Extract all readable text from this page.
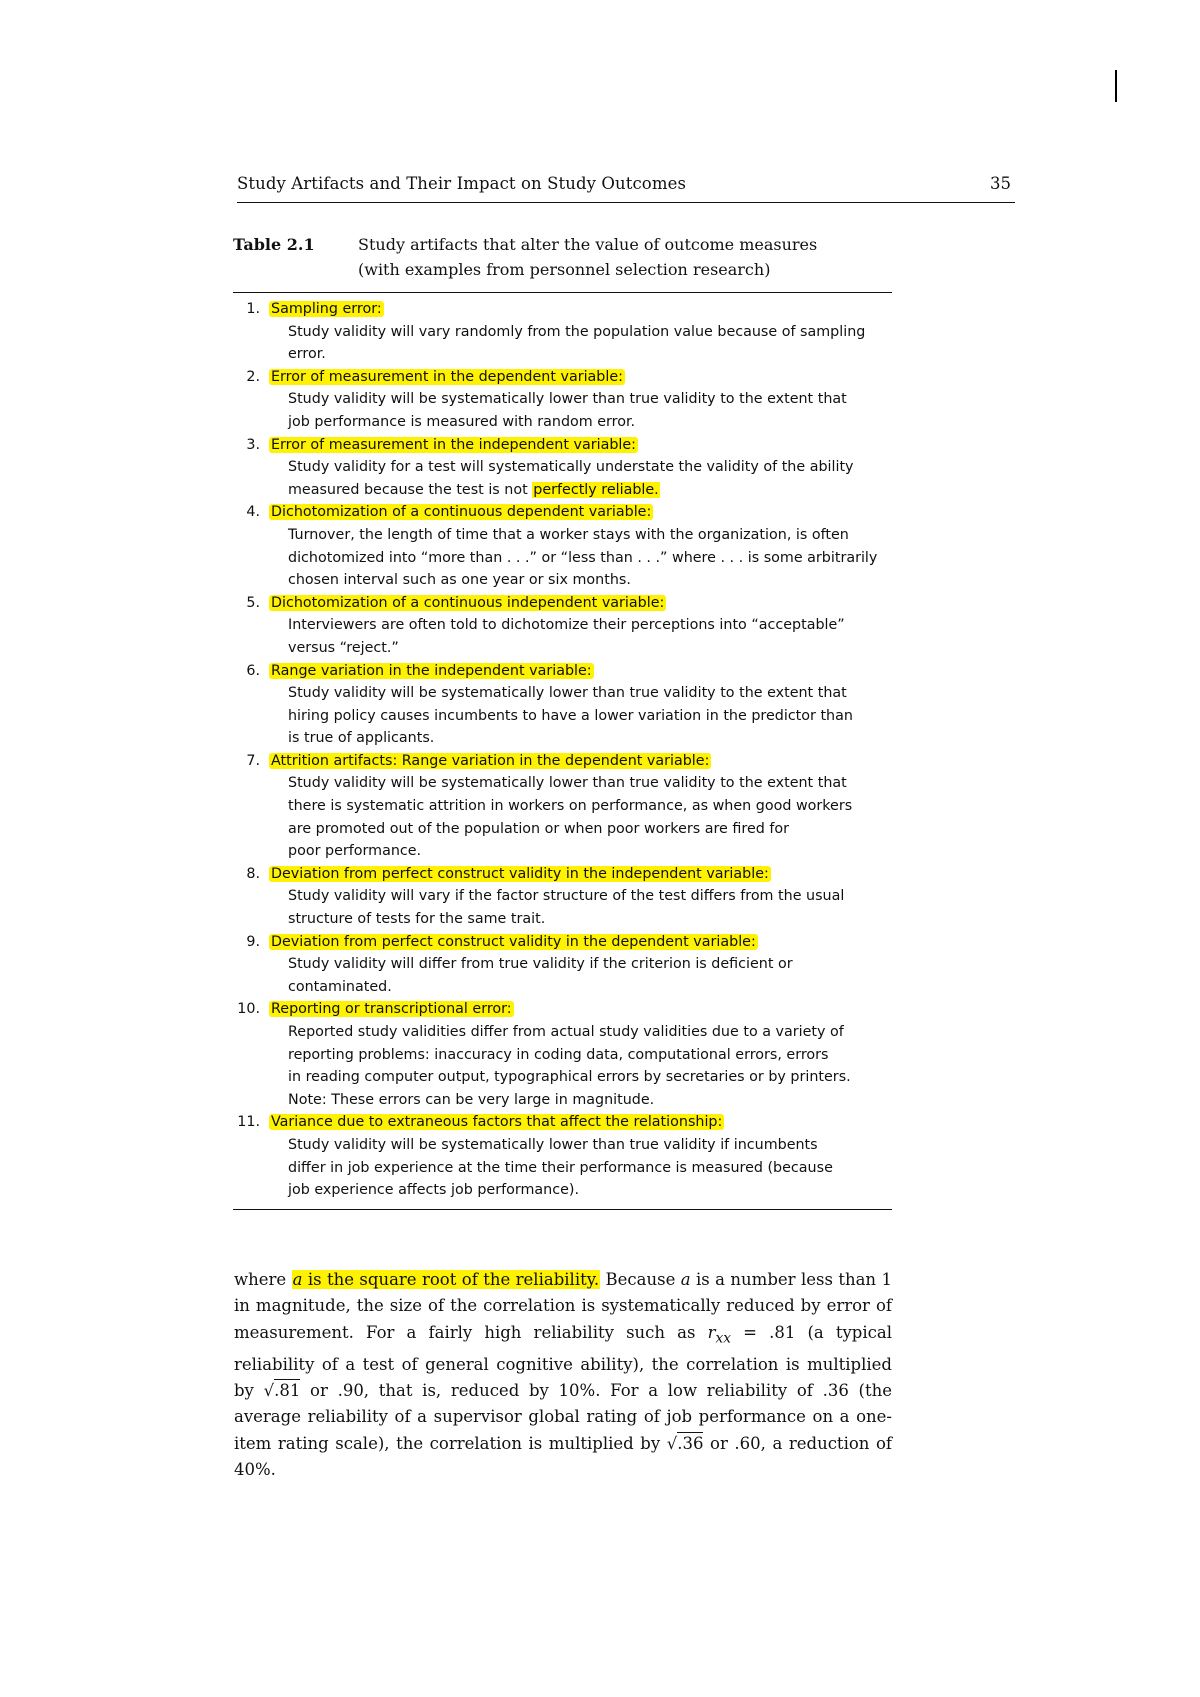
Study Artifacts and Their Impact on Study Outcomes	35
Table 2.1	Study artifacts that alter the value of outcome measures
(with examples from personnel selection research)
1. Sampling error:
Study validity will vary randomly from the population value because of sampling
error.
2. Error of measurement in the dependent variable:
Study validity will be systematically lower than true validity to the extent that
job performance is measured with random error.
3. Error of measurement in the independent variable:
Study validity for a test will systematically understate the validity of the ability
measured because the test is not perfectly reliable.
4. Dichotomization of a continuous dependent variable:
Turnover, the length of time that a worker stays with the organization, is often
dichotomized into “more than . . .” or “less than . . .” where . . . is some arbitrarily
chosen interval such as one year or six months.
5. Dichotomization of a continuous independent variable:
Interviewers are often told to dichotomize their perceptions into “acceptable”
versus “reject.”
6. Range variation in the independent variable:
Study validity will be systematically lower than true validity to the extent that
hiring policy causes incumbents to have a lower variation in the predictor than
is true of applicants.
7. Attrition artifacts: Range variation in the dependent variable:
Study validity will be systematically lower than true validity to the extent that
there is systematic attrition in workers on performance, as when good workers
are promoted out of the population or when poor workers are fired for
poor performance.
8. Deviation from perfect construct validity in the independent variable:
Study validity will vary if the factor structure of the test differs from the usual
structure of tests for the same trait.
9. Deviation from perfect construct validity in the dependent variable:
Study validity will differ from true validity if the criterion is deficient or
contaminated.
10. Reporting or transcriptional error:
Reported study validities differ from actual study validities due to a variety of
reporting problems: inaccuracy in coding data, computational errors, errors
in reading computer output, typographical errors by secretaries or by printers.
Note: These errors can be very large in magnitude.
11. Variance due to extraneous factors that affect the relationship:
Study validity will be systematically lower than true validity if incumbents
differ in job experience at the time their performance is measured (because
job experience affects job performance).

where a is the square root of the reliability. Because a is a number less than 1 in magnitude, the size of the correlation is systematically reduced by error of measurement. For a fairly high reliability such as $r_{xx} = .81$ (a typical reliability of a test of general cognitive ability), the correlation is multiplied by √.81 or .90, that is, reduced by 10%. For a low reliability of .36 (the average reliability of a supervisor global rating of job performance on a one-item rating scale), the correlation is multiplied by √.36 or .60, a reduction of 40%.
